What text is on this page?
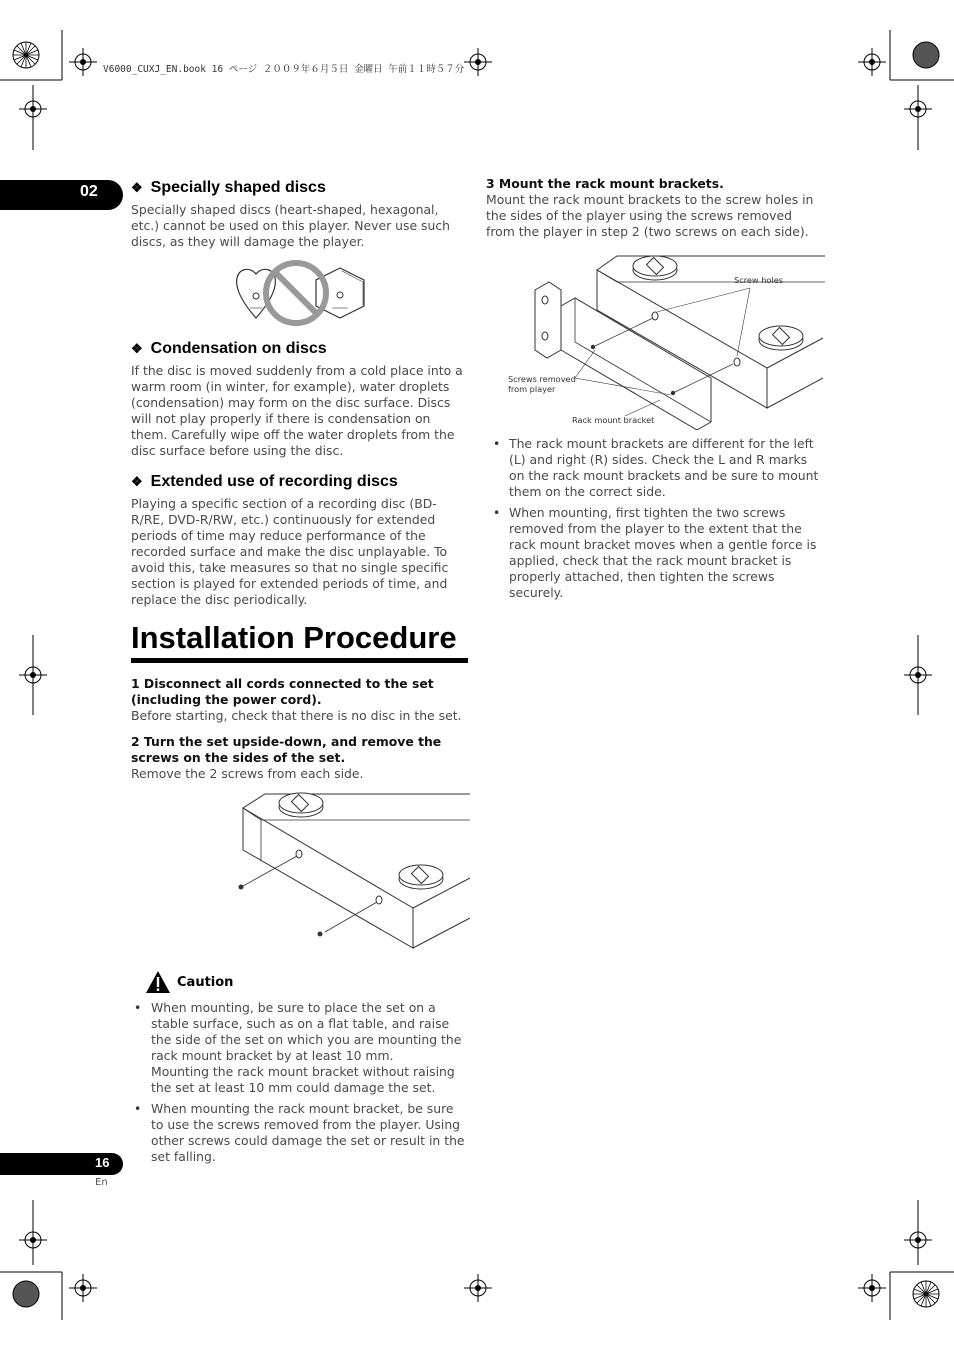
V6000_CUXJ_EN.book 16 ページ ２００９年６月５日 金曜日 午前１１時５７分
02	❖ Specially shaped discs

Specially shaped discs (heart-shaped, hexagonal, etc.) cannot be used on this player. Never use such discs, as they will damage the player.

❖ Condensation on discs

If the disc is moved suddenly from a cold place into a warm room (in winter, for example), water droplets (condensation) may form on the disc surface. Discs will not play properly if there is condensation on them. Carefully wipe off the water droplets from the disc surface before using the disc.

❖ Extended use of recording discs

Playing a specific section of a recording disc (BD-R/RE, DVD-R/RW, etc.) continuously for extended periods of time may reduce performance of the recorded surface and make the disc unplayable. To avoid this, take measures so that no single specific section is played for extended periods of time, and replace the disc periodically.

Installation Procedure

1 Disconnect all cords connected to the set (including the power cord).

Before starting, check that there is no disc in the set.

2 Turn the set upside-down, and remove the screws on the sides of the set.

Remove the 2 screws from each side.

Caution
• When mounting, be sure to place the set on a stable surface, such as on a flat table, and raise the side of the set on which you are mounting the rack mount bracket by at least 10 mm.
Mounting the rack mount bracket without raising the set at least 10 mm could damage the set.
• When mounting the rack mount bracket, be sure to use the screws removed from the player. Using other screws could damage the set or result in the set falling.

3 Mount the rack mount brackets.

Mount the rack mount brackets to the screw holes in the sides of the player using the screws removed from the player in step 2 (two screws on each side).

Screw holes
Screws removed
from player
Rack mount bracket
• The rack mount brackets are different for the left (L) and right (R) sides. Check the L and R marks on the rack mount brackets and be sure to mount them on the correct side.
• When mounting, first tighten the two screws removed from the player to the extent that the rack mount bracket moves when a gentle force is applied, check that the rack mount bracket is properly attached, then tighten the screws securely.
16
En
